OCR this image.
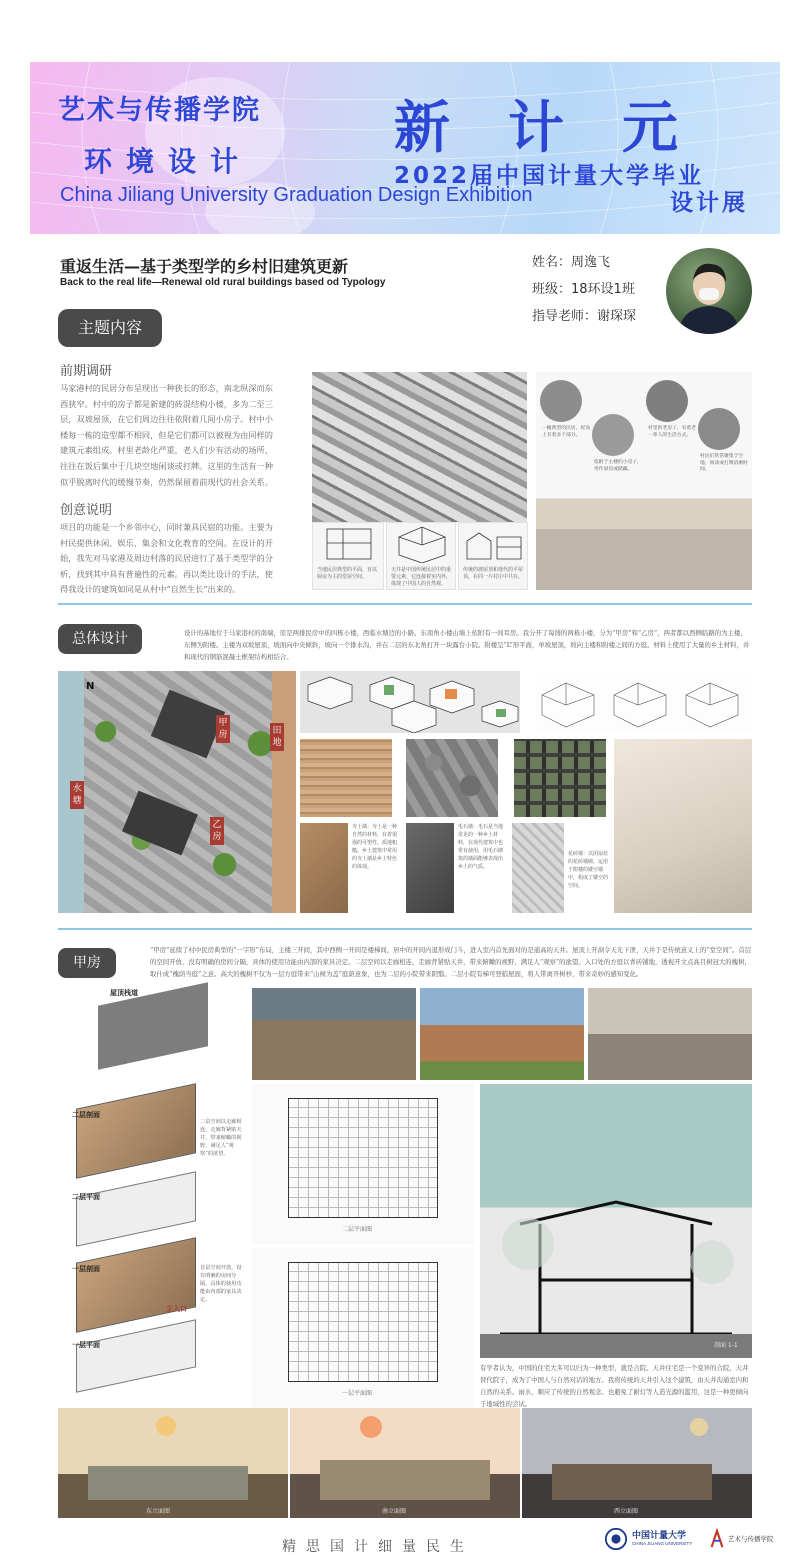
艺术与传播学院
环境设计
China Jiliang University Graduation Design Exhibition
新计元
2022届中国计量大学毕业
设计展
重返生活—基于类型学的乡村旧建筑更新
Back to the real life—Renewal old rural buildings based od Typology
姓名：周逸飞
班级：18环设1班
指导老师：谢琛琛
主题内容
前期调研
马家港村的民居分布呈现出一种狭长的形态，南北纵深而东西狭窄。村中的房子都是新建的砖混结构小楼，多为二至三层，双坡屋顶，在它们周边往往依附着几间小房子。村中小楼每一栋的造型都不相同，但是它们都可以被视为由同样的建筑元素组成。村里老龄化严重，老人们少有活动的场所，往往在饭后集中于几块空地闲谈或打牌。这里的生活有一种似乎脱离时代的缓慢节奏，仍然保留着前现代的社会关系。
创意说明
项目的功能是一个乡邻中心，同时兼具民宿的功能。主要为村民提供休闲、娱乐、集会和文化教育的空间。在设计的开始，我先对马家港及周边村落的民居进行了基于类型学的分析，找到其中具有普遍性的元素。再以类比设计的手法，使得我设计的建筑如同是从村中“自然生长”出来的。
当地民居典型的平面，有以厨房为主的堂屋空间。
天井是中国传统民居中的重要元素，它连接着室内外，体现了中国人的自然观。
传统的坡屋顶和现代的平屋顶，在同一片村庄中共存。
一幢典型的民居，屋顶上有着多个部分。
依附于主楼的小房子，用作厨房或储藏。
村里的老房子，有着老一辈人的生活方式。
村民们常常聚集于空地，闲谈或打牌消磨时间。
总体设计	设计的基地位于马家港村的南端，原是两排民房中的四栋小楼，西临水塘边的小路。东南角小楼山墙上依附有一间耳房。我分开了每排的两栋小楼，分为“甲房”和“乙房”，两者都以西侧临路的为主楼，东侧为附楼。主楼为双坡屋顶，坡面向中央倾斜，坡向一个排水沟，并在二层的东北角打开一块露台小院。附楼呈“L”形平面，单坡屋顶，坡向主楼和附楼之间的方庭。材料上使用了大量的乡土材料，并和现代的钢筋混凝土框架结构相结合。
N
甲房
乙房
田地
水塘
夯土墙：夯土是一种自然的材料，有着很强的可塑性，质地粗糙。乡土建筑中常用的夯土墙是乡土特色的体现。
毛石墙：毛石是当地常见的一种乡土材料，在现代建筑中也常有使用，用毛石砌筑的墙面能够表现出乡土的气质。
花砖墙：以团扇状的花砖墙砌，运用于附楼的镂空墙中，构成了镂空的空间。
甲房
“甲房”延续了村中民房典型的“一字形”布局，主楼三开间，其中西侧一开间是楼梯间，居中的开间内退形成门斗，进入室内首先面对的是通高的天井。屋顶上开洞令天光下泄，天井于是传统意义上的“堂空间”。首层的空间开放，没有明确的房间分隔，具体的使用功能由内部的家具决定。二层空间以走廊相连，走廊背紧贴天井，带来俯瞰的视野，满足人“观察”的欲望。入口处的方庭以青砖铺地，透视开文点高且树冠大的槐树，取什成“槐荫当庭”之意。高大的槐树不仅为一层方庭带来“山树为盖”庭荫意象，也为二层的小院带来阴翳。二层小院有梯可登临屋面，将人带离开树杪，带来奇妙的感知变化。
屋顶栈道
二层剖面
二层平面
一层剖面
一层平面
主入口
二层空间以走廊相连，走廊背紧贴天井，带来俯瞰的视野，满足人“观察”的欲望。
首层空间开放，没有明确的房间分隔，具体的使用功能由内部的家具决定。
二层平面图
一层平面图
剖面 1-1
有学者认为，中国的住宅大多可以归为一种类型，就是合院。天井住宅是一个变异的合院，天井替代院子，成为了中国人与自然对话的地方。我将传统的天井引入这个建筑，由天井沟通室内和自然的关系。雨水，顺应了传统的自然观念。也避免了耐灯等人造光源的滥用，这是一种更倾向于地域性的尝试。
东立面图	南立面图	西立面图
精思国计细量民生
中国计量大学
CHINA JILIANG UNIVERSITY
艺术与传播学院
